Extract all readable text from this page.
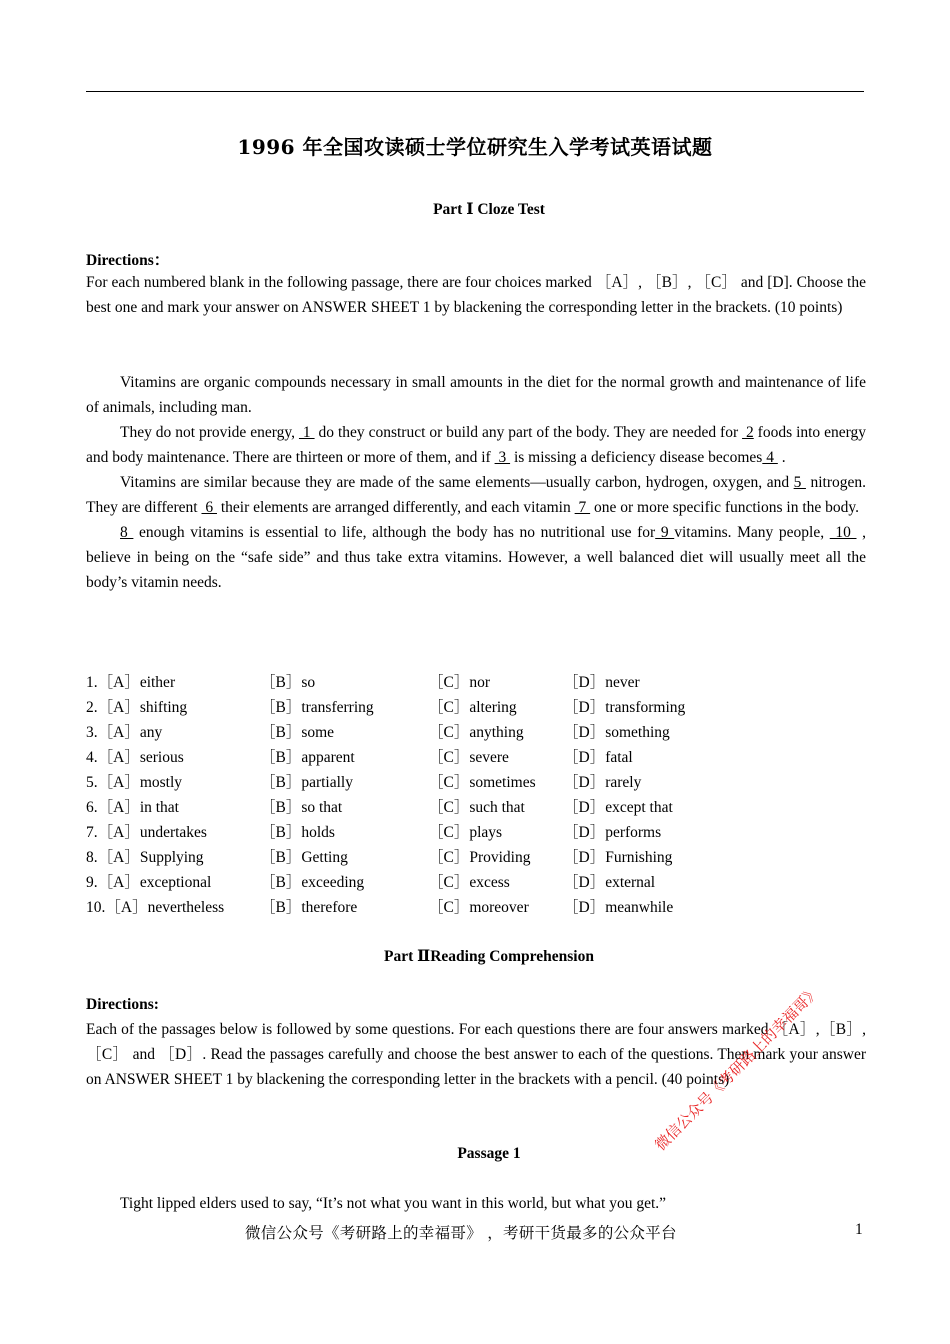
1996 年全国攻读硕士学位研究生入学考试英语试题
Part Ⅰ Cloze Test
Directions：
For each numbered blank in the following passage, there are four choices marked ［A］, ［B］, ［C］ and [D]. Choose the best one and mark your answer on ANSWER SHEET 1 by blackening the corresponding letter in the brackets. (10 points)

Vitamins are organic compounds necessary in small amounts in the diet for the normal growth and maintenance of life of animals, including man.

They do not provide energy,  1  do they construct or build any part of the body. They are needed for  2 foods into energy and body maintenance. There are thirteen or more of them, and if  3  is missing a deficiency disease becomes 4  .

Vitamins are similar because they are made of the same elements—usually carbon, hydrogen, oxygen, and 5  nitrogen. They are different  6  their elements are arranged differently, and each vitamin  7  one or more specific functions in the body.

8  enough vitamins is essential to life, although the body has no nutritional use for 9 vitamins. Many people,  10  , believe in being on the “safe side” and thus take extra vitamins. However, a well balanced diet will usually meet all the body’s vitamin needs.

1.［A］either	［B］so	［C］nor	［D］never
2.［A］shifting	［B］transferring	［C］altering	［D］transforming
3.［A］any	［B］some	［C］anything	［D］something
4.［A］serious	［B］apparent	［C］severe	［D］fatal
5.［A］mostly	［B］partially	［C］sometimes	［D］rarely
6.［A］in that	［B］so that	［C］such that	［D］except that
7.［A］undertakes	［B］holds	［C］plays	［D］performs
8.［A］Supplying	［B］Getting	［C］Providing	［D］Furnishing
9.［A］exceptional	［B］exceeding	［C］excess	［D］external
10.［A］nevertheless	［B］therefore	［C］moreover	［D］meanwhile
Part ⅡReading Comprehension
Directions:
Each of the passages below is followed by some questions. For each questions there are four answers marked ［A］,［B］,［C］ and ［D］. Read the passages carefully and choose the best answer to each of the questions. Then mark your answer on ANSWER SHEET 1 by blackening the corresponding letter in the brackets with a pencil. (40 points)
Passage 1

Tight lipped elders used to say, “It’s not what you want in this world, but what you get.”

微信公众号《考研路上的幸福哥》 ，考研干货最多的公众平台	1
微信公众号《考研路上的幸福哥》
